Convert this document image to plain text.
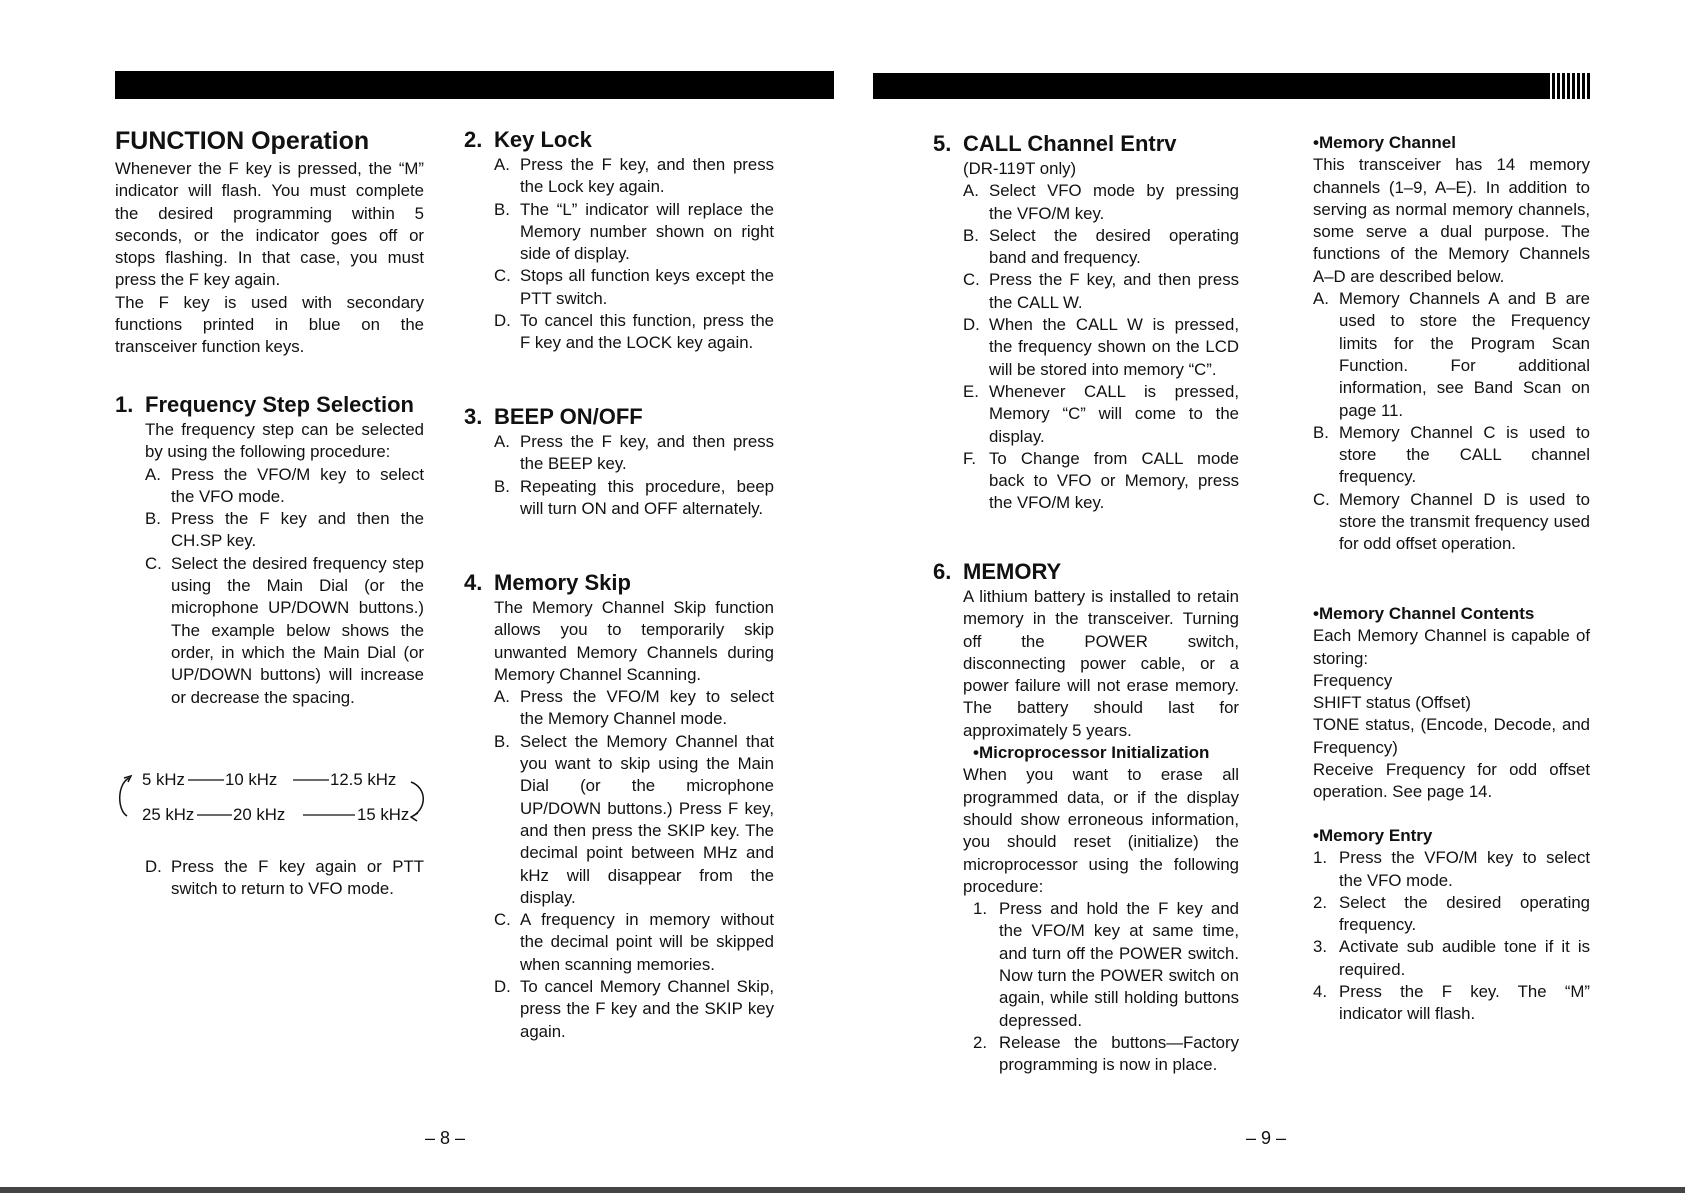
FUNCTION Operation

Whenever the F key is pressed, the “M” indicator will flash. You must complete the desired programming within 5 seconds, or the indicator goes off or stops flashing. In that case, you must press the F key again.

The F key is used with secondary functions printed in blue on the transceiver function keys.

1. Frequency Step Selection

The frequency step can be selected by using the following procedure:

A. Press the VFO/M key to select the VFO mode.
B. Press the F key and then the CH.SP key.
C. Select the desired frequency step using the Main Dial (or the microphone UP/DOWN buttons.) The example below shows the order, in which the Main Dial (or UP/DOWN buttons) will increase or decrease the spacing.
D. Press the F key again or PTT switch to return to VFO mode.
2. Key Lock
A. Press the F key, and then press the Lock key again.
B. The “L” indicator will replace the Memory number shown on right side of display.
C. Stops all function keys except the PTT switch.
D. To cancel this function, press the F key and the LOCK key again.
3. BEEP ON/OFF
A. Press the F key, and then press the BEEP key.
B. Repeating this procedure, beep will turn ON and OFF alternately.
4. Memory Skip

The Memory Channel Skip function allows you to temporarily skip unwanted Memory Channels during Memory Channel Scanning.

A. Press the VFO/M key to select the Memory Channel mode.
B. Select the Memory Channel that you want to skip using the Main Dial (or the microphone UP/DOWN buttons.) Press F key, and then press the SKIP key. The decimal point between MHz and kHz will disappear from the display.
C. A frequency in memory without the decimal point will be skipped when scanning memories.
D. To cancel Memory Channel Skip, press the F key and the SKIP key again.
5. CALL Channel Entrv

(DR-119T only)

A. Select VFO mode by pressing the VFO/M key.
B. Select the desired operating band and frequency.
C. Press the F key, and then press the CALL W.
D. When the CALL W is pressed, the frequency shown on the LCD will be stored into memory “C”.
E. Whenever CALL is pressed, Memory “C” will come to the display.
F. To Change from CALL mode back to VFO or Memory, press the VFO/M key.
6. MEMORY

A lithium battery is installed to retain memory in the transceiver. Turning off the POWER switch, disconnecting power cable, or a power failure will not erase memory. The battery should last for approximately 5 years.

•Microprocessor Initialization

When you want to erase all programmed data, or if the display should show erroneous information, you should reset (initialize) the microprocessor using the following procedure:

1. Press and hold the F key and the VFO/M key at same time, and turn off the POWER switch. Now turn the POWER switch on again, while still holding buttons depressed.
2. Release the buttons—Factory programming is now in place.
•Memory Channel

This transceiver has 14 memory channels (1–9, A–E). In addition to serving as normal memory channels, some serve a dual purpose. The functions of the Memory Channels A–D are described below.

A. Memory Channels A and B are used to store the Frequency limits for the Program Scan Function. For additional information, see Band Scan on page 11.
B. Memory Channel C is used to store the CALL channel frequency.
C. Memory Channel D is used to store the transmit frequency used for odd offset operation.
•Memory Channel Contents

Each Memory Channel is capable of storing:

Frequency

SHIFT status (Offset)

TONE status, (Encode, Decode, and Frequency)

Receive Frequency for odd offset operation. See page 14.

•Memory Entry
1. Press the VFO/M key to select the VFO mode.
2. Select the desired operating frequency.
3. Activate sub audible tone if it is required.
4. Press the F key. The “M” indicator will flash.
5 kHz 10 kHz	12.5 kHz
15 kHz
20 kHz
25 kHz
– 8 –	– 9 –
